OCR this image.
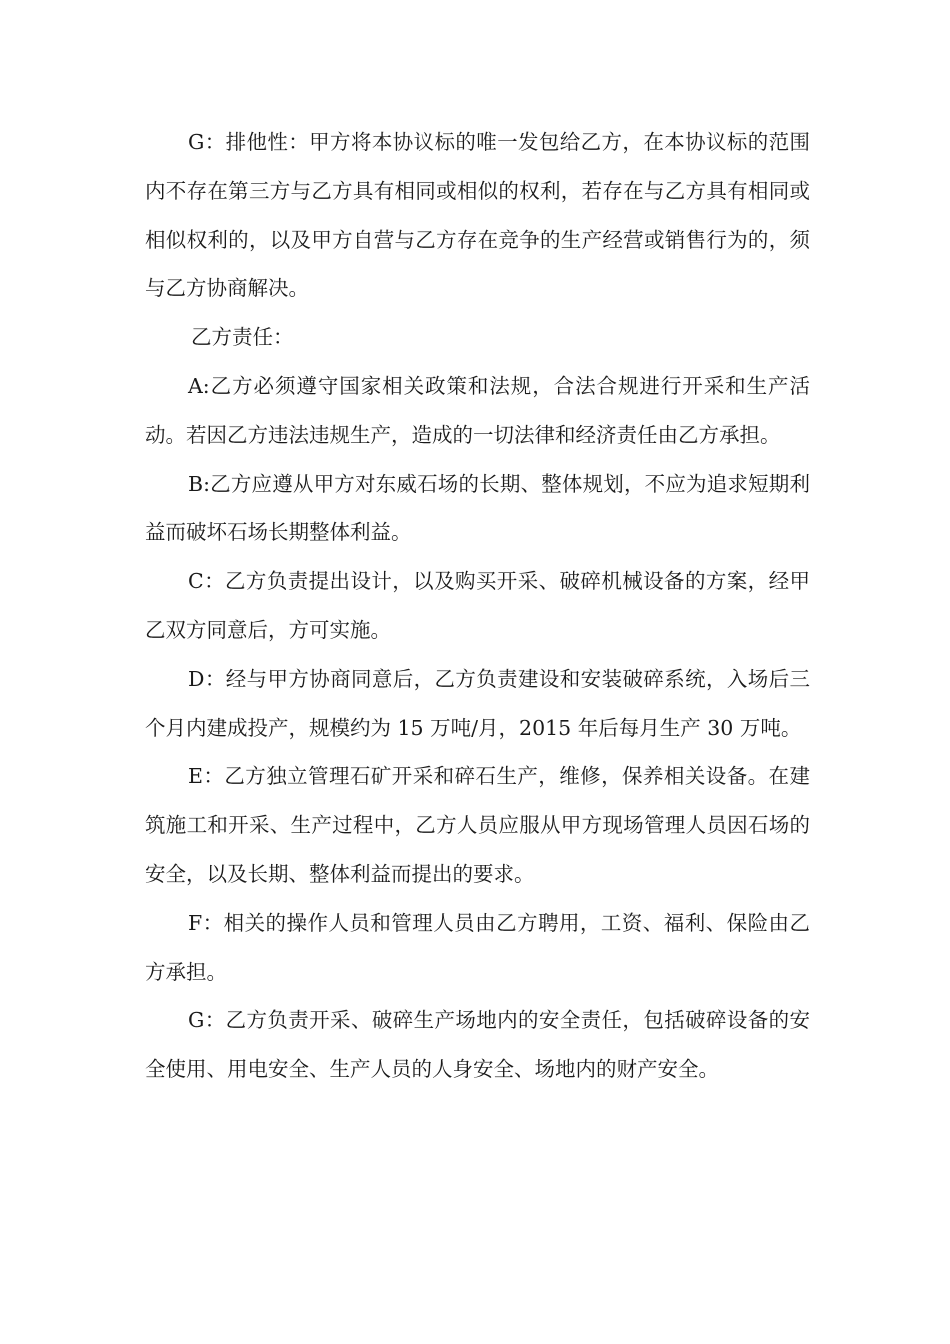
G：排他性：甲方将本协议标的唯一发包给乙方，在本协议标的范围内不存在第三方与乙方具有相同或相似的权利，若存在与乙方具有相同或相似权利的，以及甲方自营与乙方存在竞争的生产经营或销售行为的，须与乙方协商解决。

乙方责任：

A:乙方必须遵守国家相关政策和法规，合法合规进行开采和生产活动。若因乙方违法违规生产，造成的一切法律和经济责任由乙方承担。

B:乙方应遵从甲方对东威石场的长期、整体规划，不应为追求短期利益而破坏石场长期整体利益。

C：乙方负责提出设计，以及购买开采、破碎机械设备的方案，经甲乙双方同意后，方可实施。

D：经与甲方协商同意后，乙方负责建设和安装破碎系统，入场后三个月内建成投产，规模约为 15 万吨/月，2015 年后每月生产 30 万吨。

E：乙方独立管理石矿开采和碎石生产，维修，保养相关设备。在建筑施工和开采、生产过程中，乙方人员应服从甲方现场管理人员因石场的安全，以及长期、整体利益而提出的要求。

F：相关的操作人员和管理人员由乙方聘用，工资、福利、保险由乙方承担。

G：乙方负责开采、破碎生产场地内的安全责任，包括破碎设备的安全使用、用电安全、生产人员的人身安全、场地内的财产安全。
